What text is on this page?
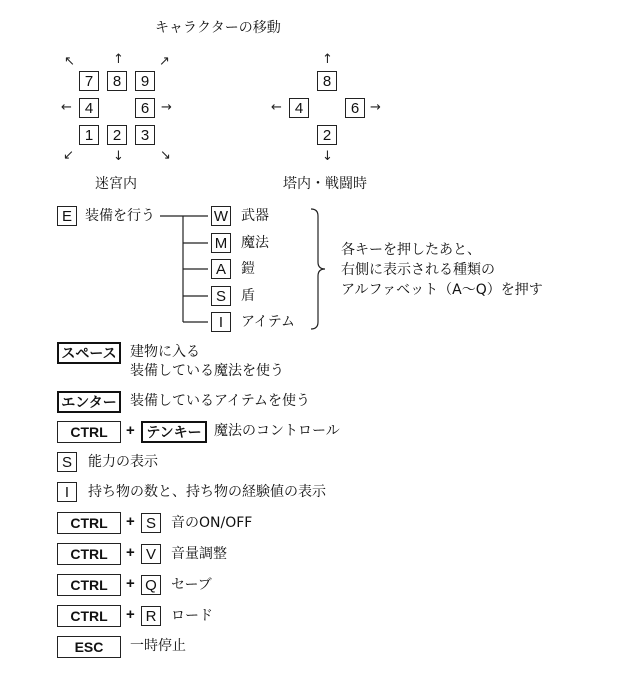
キャラクターの移動
↖	↑	↗
7	8	9
← 4	6 →
1	2	3
↙	↓	↘
迷宮内
↑
8
← 4	6 →
2
↓
塔内・戦闘時
E 装備を行う	W 武器
M 魔法
A	鎧
S	盾
I	アイテム
各キーを押したあと、
右側に表示される種類の
アルファベット（A〜Q）を押す
スペース 建物に入る
装備している魔法を使う
エンター 装備しているアイテムを使う
CTRL	+ テンキー 魔法のコントロール
S	能力の表示
I	持ち物の数と、持ち物の経験値の表示
CTRL	+ S	音のON/OFF
CTRL	+ V	音量調整
CTRL	+ Q セーブ
CTRL	+ R	ロード
ESC	一時停止
